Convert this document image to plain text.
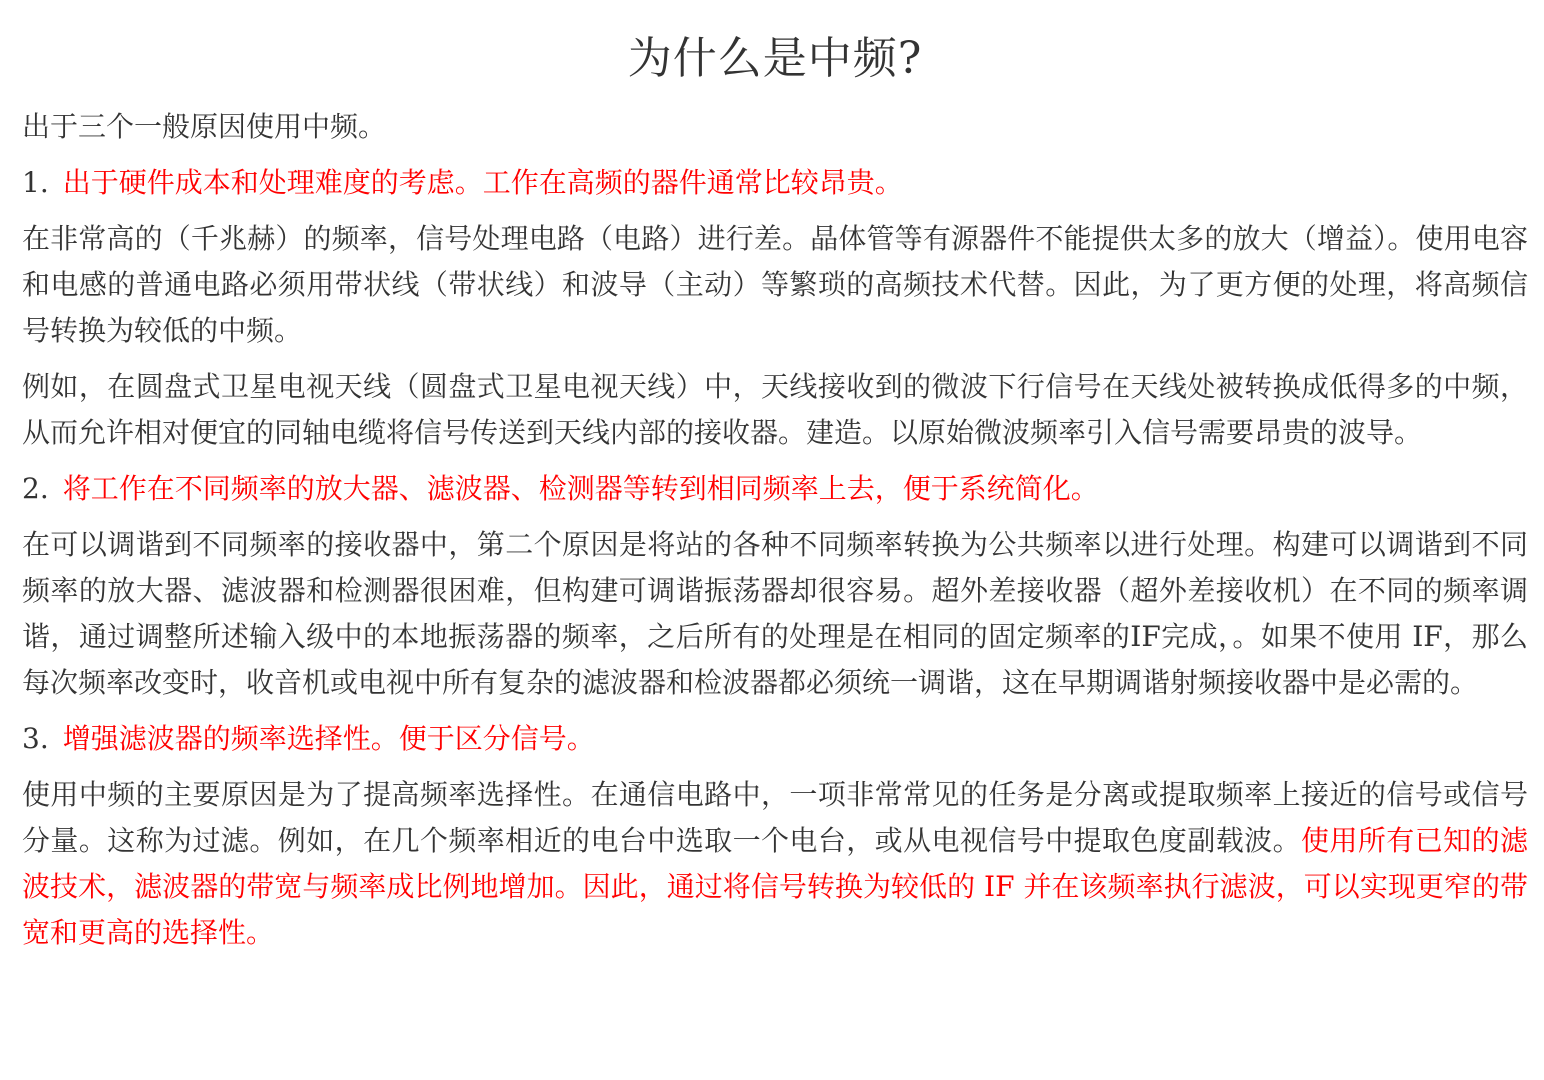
为什么是中频?

出于三个一般原因使用中频。

1. 出于硬件成本和处理难度的考虑。工作在高频的器件通常比较昂贵。

在非常高的（千兆赫）的频率，信号处理电路（电路）进行差。晶体管等有源器件不能提供太多的放大（增益）。使用电容和电感的普通电路必须用带状线（带状线）和波导（主动）等繁琐的高频技术代替。因此，为了更方便的处理，将高频信号转换为较低的中频。

例如，在圆盘式卫星电视天线（圆盘式卫星电视天线）中，天线接收到的微波下行信号在天线处被转换成低得多的中频，从而允许相对便宜的同轴电缆将信号传送到天线内部的接收器。建造。以原始微波频率引入信号需要昂贵的波导。

2. 将工作在不同频率的放大器、滤波器、检测器等转到相同频率上去，便于系统简化。

在可以调谐到不同频率的接收器中，第二个原因是将站的各种不同频率转换为公共频率以进行处理。构建可以调谐到不同频率的放大器、滤波器和检测器很困难，但构建可调谐振荡器却很容易。超外差接收器（超外差接收机）在不同的频率调谐，通过调整所述输入级中的本地振荡器的频率，之后所有的处理是在相同的固定频率的IF完成，。如果不使用 IF，那么每次频率改变时，收音机或电视中所有复杂的滤波器和检波器都必须统一调谐，这在早期调谐射频接收器中是必需的。

3. 增强滤波器的频率选择性。便于区分信号。

使用中频的主要原因是为了提高频率选择性。在通信电路中，一项非常常见的任务是分离或提取频率上接近的信号或信号分量。这称为过滤。例如，在几个频率相近的电台中选取一个电台，或从电视信号中提取色度副载波。使用所有已知的滤波技术，滤波器的带宽与频率成比例地增加。因此，通过将信号转换为较低的 IF 并在该频率执行滤波，可以实现更窄的带宽和更高的选择性。
